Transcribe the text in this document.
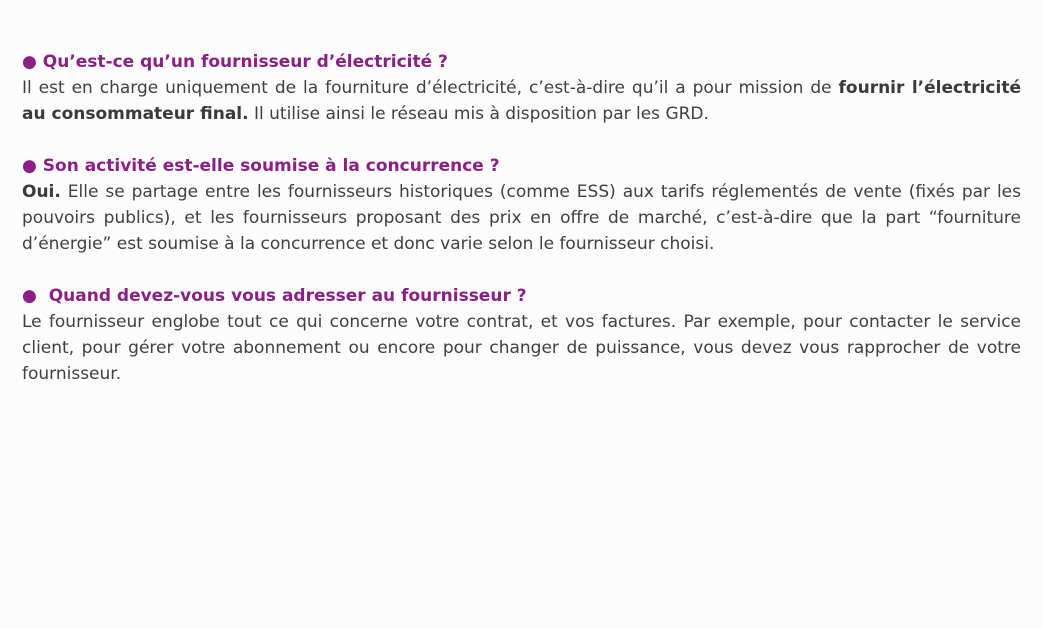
● Qu’est-ce qu’un fournisseur d’électricité ?

Il est en charge uniquement de la fourniture d’électricité, c’est-à-dire qu’il a pour mission de fournir l’électricité au consommateur final. Il utilise ainsi le réseau mis à disposition par les GRD.

● Son activité est-elle soumise à la concurrence ?

Oui. Elle se partage entre les fournisseurs historiques (comme ESS) aux tarifs réglementés de vente (fixés par les pouvoirs publics), et les fournisseurs proposant des prix en offre de marché, c’est-à-dire que la part “fourniture d’énergie” est soumise à la concurrence et donc varie selon le fournisseur choisi.

● Quand devez-vous vous adresser au fournisseur ?

Le fournisseur englobe tout ce qui concerne votre contrat, et vos factures. Par exemple, pour contacter le service client, pour gérer votre abonnement ou encore pour changer de puissance, vous devez vous rapprocher de votre fournisseur.
